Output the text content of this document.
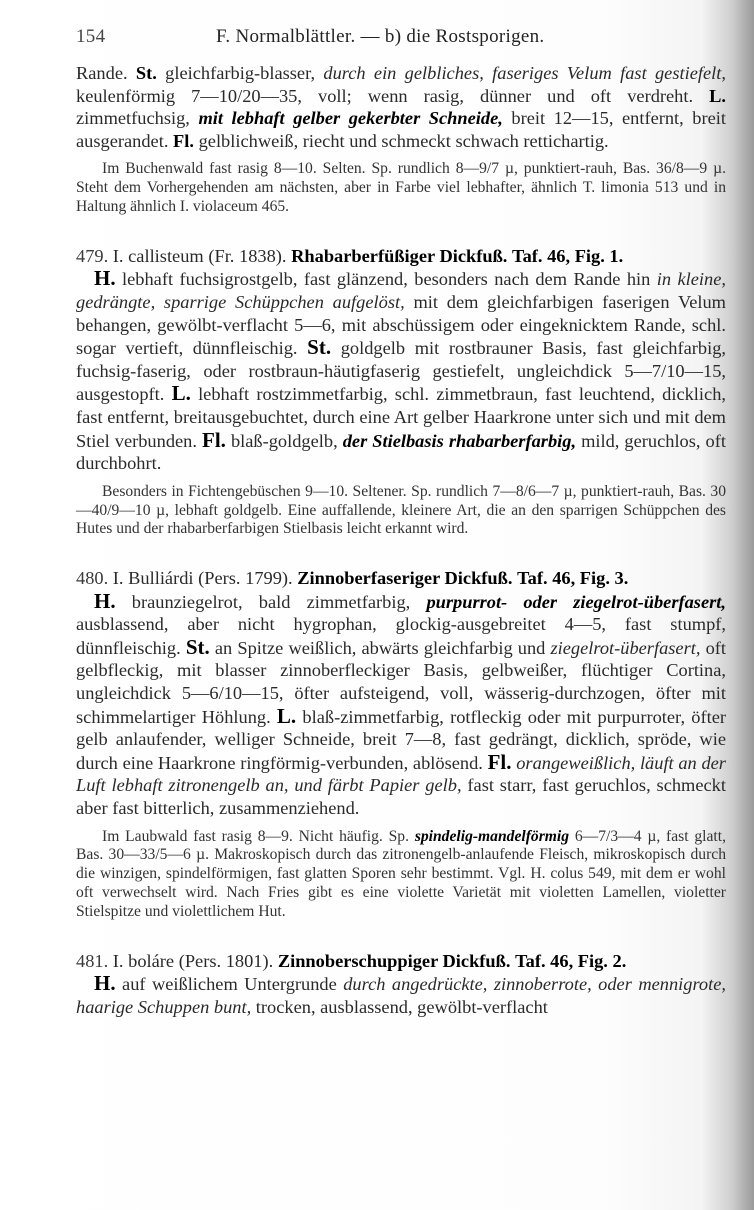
154	F. Normalblättler. — b) die Rostsporigen.

Rande. St. gleichfarbig-blasser, durch ein gelbliches, faseriges Velum fast gestiefelt, keulenförmig 7—10/20—35, voll; wenn rasig, dünner und oft verdreht. L. zimmetfuchsig, mit lebhaft gelber gekerbter Schneide, breit 12—15, entfernt, breit ausgerandet. Fl. gelblichweiß, riecht und schmeckt schwach rettichartig.

Im Buchenwald fast rasig 8—10. Selten. Sp. rundlich 8—9/7 µ, punktiert-rauh, Bas. 36/8—9 µ. Steht dem Vorhergehenden am nächsten, aber in Farbe viel lebhafter, ähnlich T. limonia 513 und in Haltung ähnlich I. violaceum 465.

479. I. callisteum (Fr. 1838). Rhabarberfüßiger Dickfuß. Taf. 46, Fig. 1.

H. lebhaft fuchsigrostgelb, fast glänzend, besonders nach dem Rande hin in kleine, gedrängte, sparrige Schüppchen aufgelöst, mit dem gleichfarbigen faserigen Velum behangen, gewölbt-verflacht 5—6, mit abschüssigem oder eingeknicktem Rande, schl. sogar vertieft, dünnfleischig. St. goldgelb mit rostbrauner Basis, fast gleichfarbig, fuchsig-faserig, oder rostbraun-häutigfaserig gestiefelt, ungleichdick 5—7/10—15, ausgestopft. L. lebhaft rostzimmetfarbig, schl. zimmetbraun, fast leuchtend, dicklich, fast entfernt, breitausgebuchtet, durch eine Art gelber Haarkrone unter sich und mit dem Stiel verbunden. Fl. blaß-goldgelb, der Stielbasis rhabarberfarbig, mild, geruchlos, oft durchbohrt.

Besonders in Fichtengebüschen 9—10. Seltener. Sp. rundlich 7—8/6—7 µ, punktiert-rauh, Bas. 30—40/9—10 µ, lebhaft goldgelb. Eine auffallende, kleinere Art, die an den sparrigen Schüppchen des Hutes und der rhabarberfarbigen Stielbasis leicht erkannt wird.

480. I. Bulliárdi (Pers. 1799). Zinnoberfaseriger Dickfuß. Taf. 46, Fig. 3.

H. braunziegelrot, bald zimmetfarbig, purpurrot- oder ziegelrot-überfasert, ausblassend, aber nicht hygrophan, glockig-ausgebreitet 4—5, fast stumpf, dünnfleischig. St. an Spitze weißlich, abwärts gleichfarbig und ziegelrot-überfasert, oft gelbfleckig, mit blasser zinnoberfleckiger Basis, gelbweißer, flüchtiger Cortina, ungleichdick 5—6/10—15, öfter aufsteigend, voll, wässerig-durchzogen, öfter mit schimmelartiger Höhlung. L. blaß-zimmetfarbig, rotfleckig oder mit purpurroter, öfter gelb anlaufender, welliger Schneide, breit 7—8, fast gedrängt, dicklich, spröde, wie durch eine Haarkrone ringförmig-verbunden, ablösend. Fl. orangeweißlich, läuft an der Luft lebhaft zitronengelb an, und färbt Papier gelb, fast starr, fast geruchlos, schmeckt aber fast bitterlich, zusammenziehend.

Im Laubwald fast rasig 8—9. Nicht häufig. Sp. spindelig-mandelförmig 6—7/3—4 µ, fast glatt, Bas. 30—33/5—6 µ. Makroskopisch durch das zitronengelb-anlaufende Fleisch, mikroskopisch durch die winzigen, spindelförmigen, fast glatten Sporen sehr bestimmt. Vgl. H. colus 549, mit dem er wohl oft verwechselt wird. Nach Fries gibt es eine violette Varietät mit violetten Lamellen, violetter Stielspitze und violettlichem Hut.

481. I. boláre (Pers. 1801). Zinnoberschuppiger Dickfuß. Taf. 46, Fig. 2.

H. auf weißlichem Untergrunde durch angedrückte, zinnoberrote, oder mennigrote, haarige Schuppen bunt, trocken, ausblassend, gewölbt-verflacht
